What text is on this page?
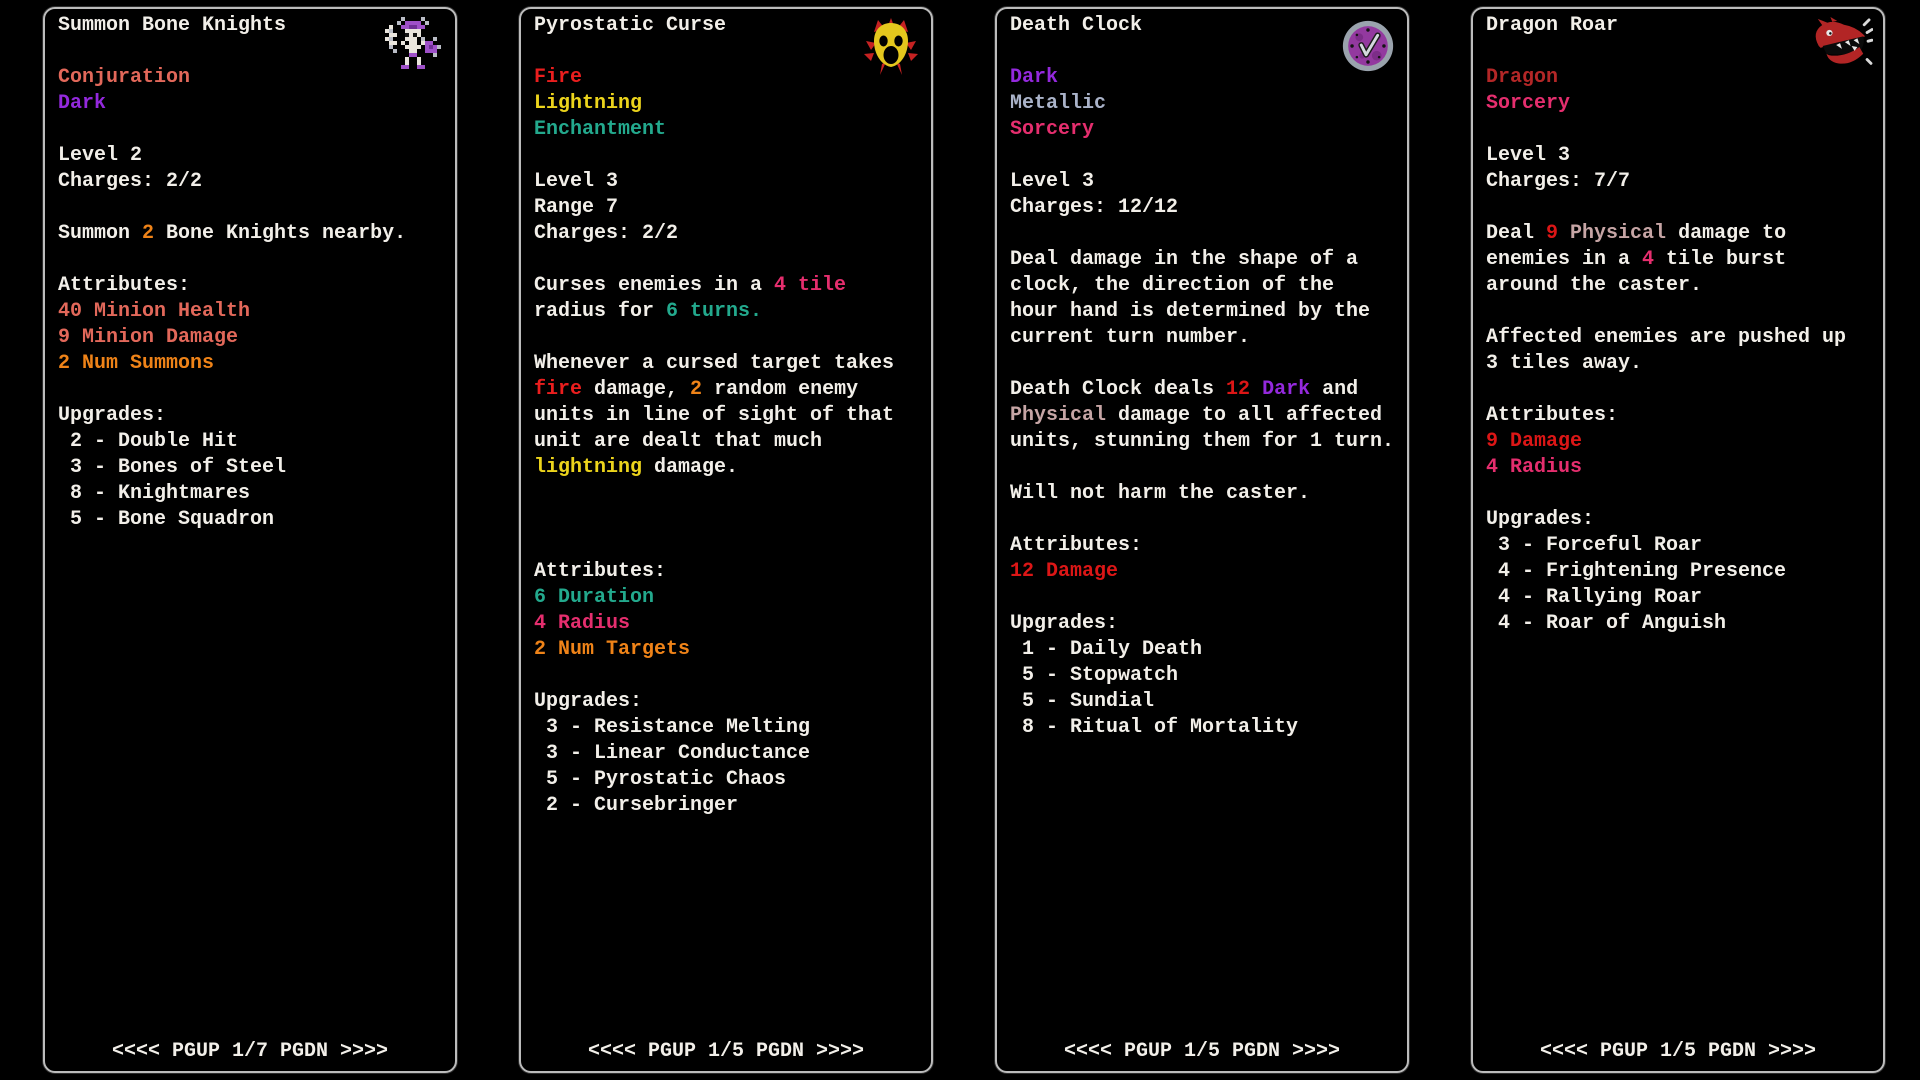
Summon Bone Knights

Conjuration
Dark

Level 2
Charges: 2/2

Summon 2 Bone Knights nearby.

Attributes:
40 Minion Health
9 Minion Damage
2 Num Summons

Upgrades:
2 - Double Hit
3 - Bones of Steel
8 - Knightmares
5 - Bone Squadron
<<<< PGUP 1/7 PGDN >>>>
Pyrostatic Curse

Fire
Lightning
Enchantment

Level 3
Range 7
Charges: 2/2

Curses enemies in a 4 tile
radius for 6 turns.

Whenever a cursed target takes
fire damage, 2 random enemy
units in line of sight of that
unit are dealt that much
lightning damage.

Attributes:
6 Duration
4 Radius
2 Num Targets

Upgrades:
3 - Resistance Melting
3 - Linear Conductance
5 - Pyrostatic Chaos
2 - Cursebringer
<<<< PGUP 1/5 PGDN >>>>
Death Clock

Dark
Metallic
Sorcery

Level 3
Charges: 12/12

Deal damage in the shape of a
clock, the direction of the
hour hand is determined by the
current turn number.

Death Clock deals 12 Dark and
Physical damage to all affected
units, stunning them for 1 turn.

Will not harm the caster.

Attributes:
12 Damage

Upgrades:
1 - Daily Death
5 - Stopwatch
5 - Sundial
8 - Ritual of Mortality
<<<< PGUP 1/5 PGDN >>>>
Dragon Roar

Dragon
Sorcery

Level 3
Charges: 7/7

Deal 9 Physical damage to
enemies in a 4 tile burst
around the caster.

Affected enemies are pushed up
3 tiles away.

Attributes:
9 Damage
4 Radius

Upgrades:
3 - Forceful Roar
4 - Frightening Presence
4 - Rallying Roar
4 - Roar of Anguish
<<<< PGUP 1/5 PGDN >>>>
